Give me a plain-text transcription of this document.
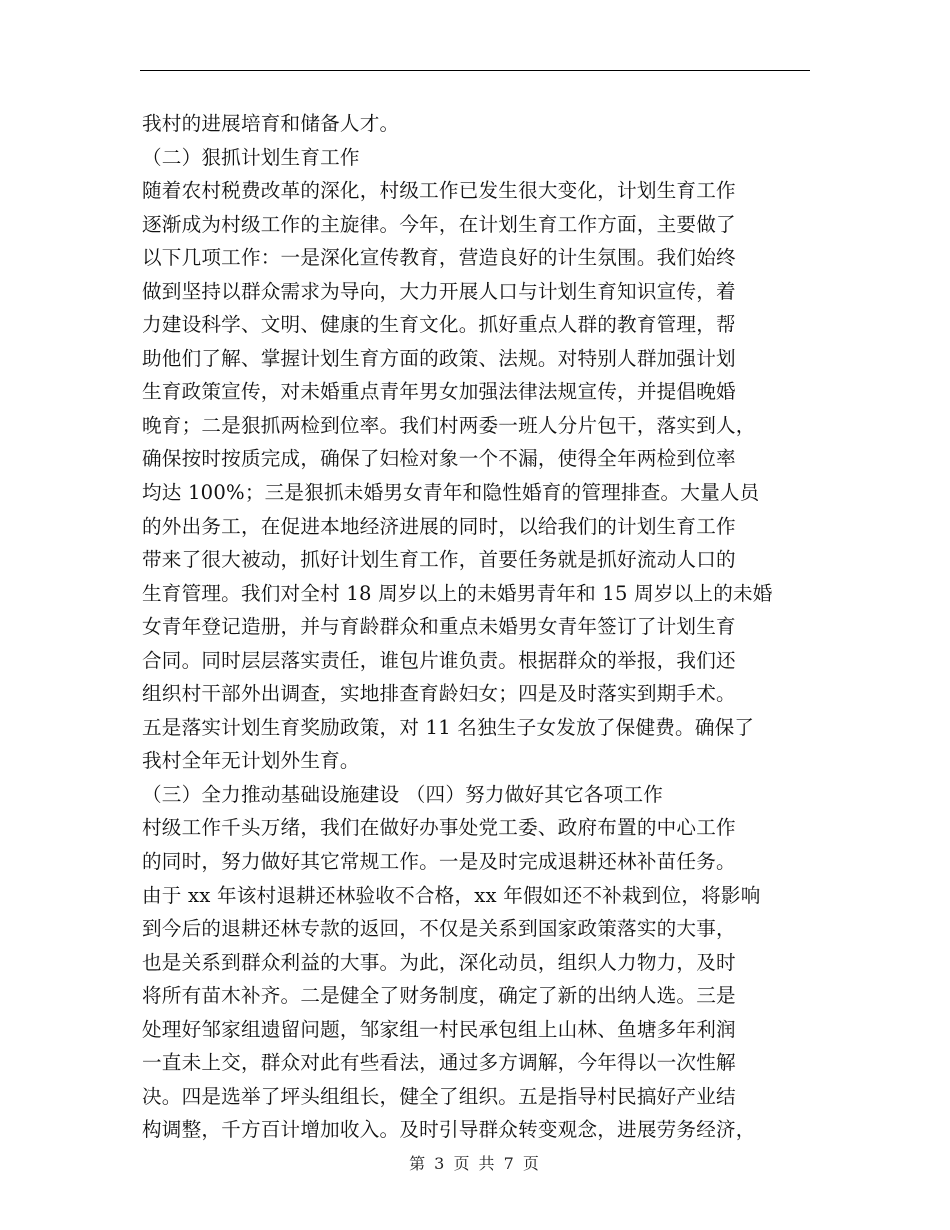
我村的进展培育和储备人才。
（二）狠抓计划生育工作
随着农村税费改革的深化，村级工作已发生很大变化，计划生育工作
逐渐成为村级工作的主旋律。今年，在计划生育工作方面，主要做了
以下几项工作：一是深化宣传教育，营造良好的计生氛围。我们始终
做到坚持以群众需求为导向，大力开展人口与计划生育知识宣传，着
力建设科学、文明、健康的生育文化。抓好重点人群的教育管理，帮
助他们了解、掌握计划生育方面的政策、法规。对特别人群加强计划
生育政策宣传，对未婚重点青年男女加强法律法规宣传，并提倡晚婚
晚育；二是狠抓两检到位率。我们村两委一班人分片包干，落实到人，
确保按时按质完成，确保了妇检对象一个不漏，使得全年两检到位率
均达 100%；三是狠抓未婚男女青年和隐性婚育的管理排查。大量人员
的外出务工，在促进本地经济进展的同时，以给我们的计划生育工作
带来了很大被动，抓好计划生育工作，首要任务就是抓好流动人口的
生育管理。我们对全村 18 周岁以上的未婚男青年和 15 周岁以上的未婚
女青年登记造册，并与育龄群众和重点未婚男女青年签订了计划生育
合同。同时层层落实责任，谁包片谁负责。根据群众的举报，我们还
组织村干部外出调查，实地排查育龄妇女；四是及时落实到期手术。
五是落实计划生育奖励政策，对 11 名独生子女发放了保健费。确保了
我村全年无计划外生育。
（三）全力推动基础设施建设 （四）努力做好其它各项工作
村级工作千头万绪，我们在做好办事处党工委、政府布置的中心工作
的同时，努力做好其它常规工作。一是及时完成退耕还林补苗任务。
由于 xx 年该村退耕还林验收不合格，xx 年假如还不补栽到位，将影响
到今后的退耕还林专款的返回，不仅是关系到国家政策落实的大事，
也是关系到群众利益的大事。为此，深化动员，组织人力物力，及时
将所有苗木补齐。二是健全了财务制度，确定了新的出纳人选。三是
处理好邹家组遗留问题，邹家组一村民承包组上山林、鱼塘多年利润
一直未上交，群众对此有些看法，通过多方调解，今年得以一次性解
决。四是选举了坪头组组长，健全了组织。五是指导村民搞好产业结
构调整，千方百计增加收入。及时引导群众转变观念，进展劳务经济，
第 3 页 共 7 页
